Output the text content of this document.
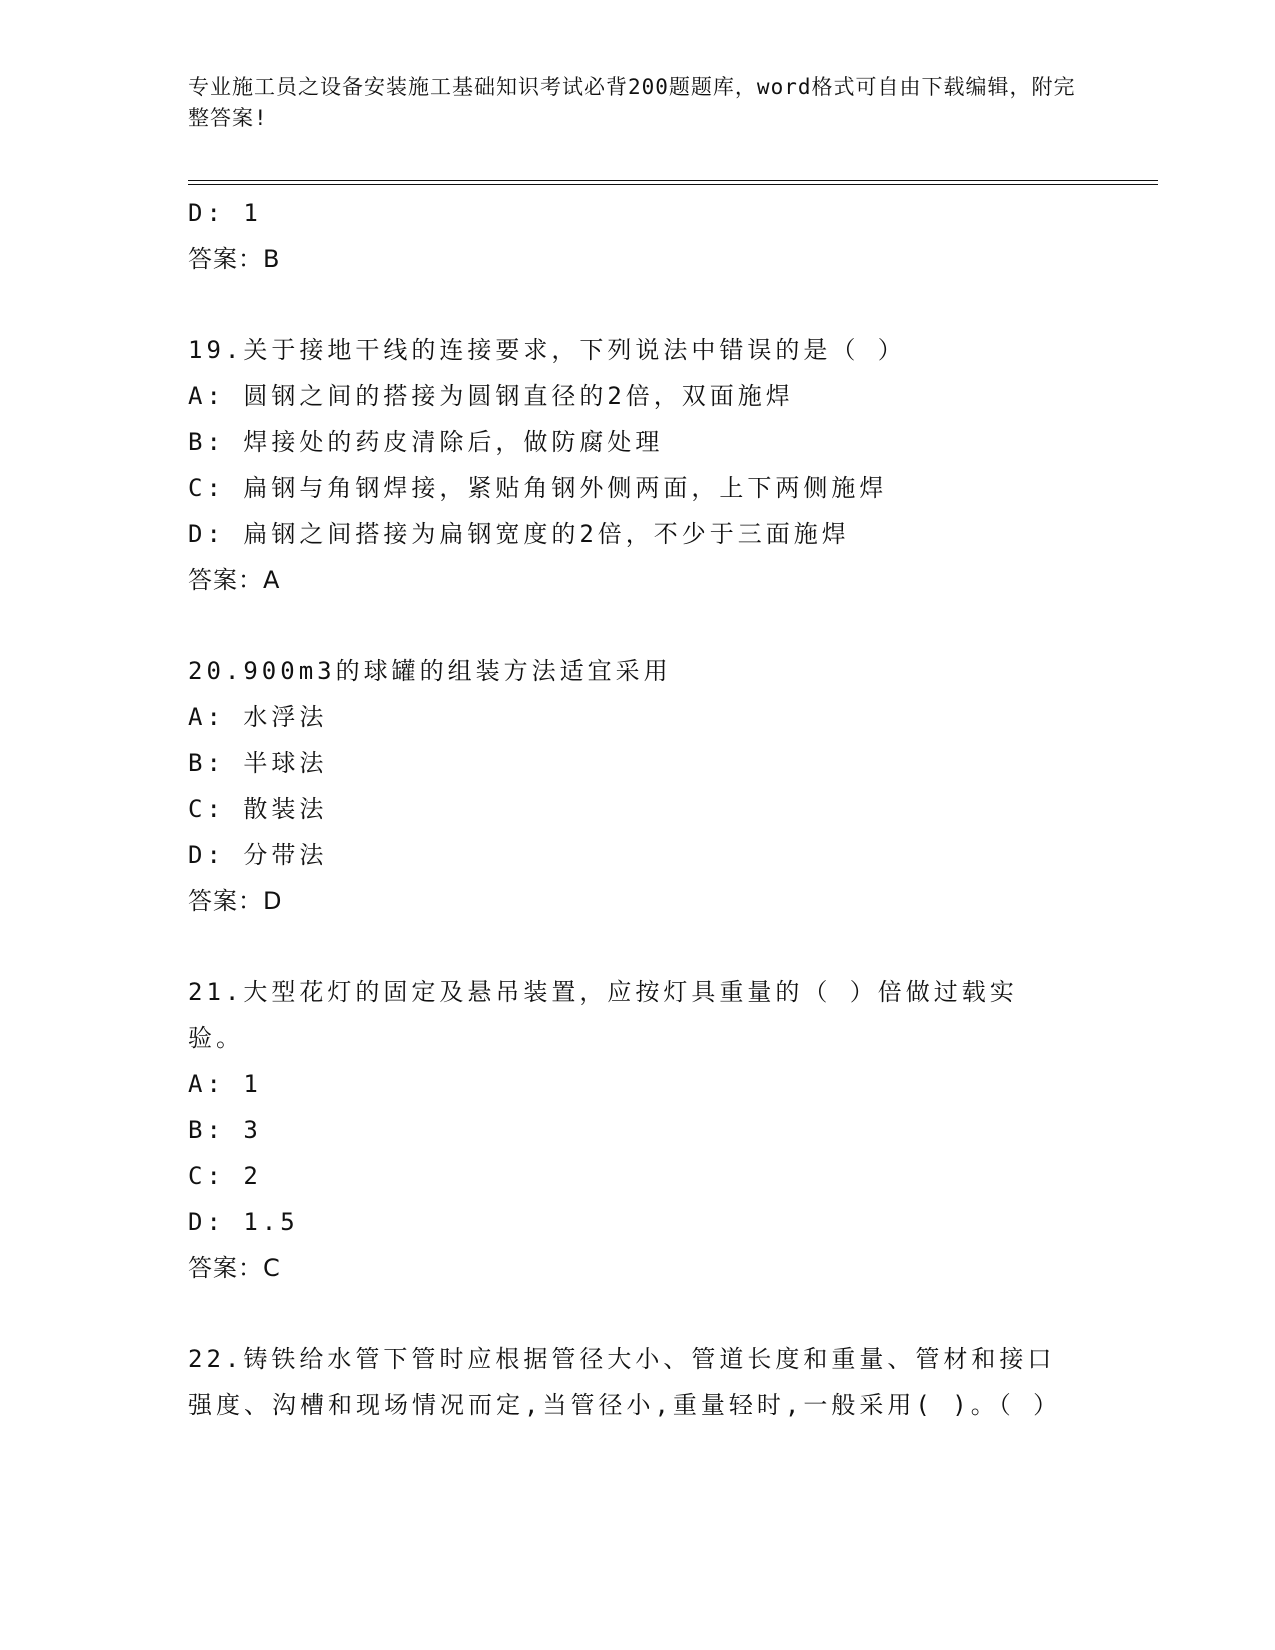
专业施工员之设备安装施工基础知识考试必背200题题库，word格式可自由下载编辑，附完整答案!
D: 1
答案：B
19.关于接地干线的连接要求，下列说法中错误的是（ ）
A: 圆钢之间的搭接为圆钢直径的2倍，双面施焊
B: 焊接处的药皮清除后，做防腐处理
C: 扁钢与角钢焊接，紧贴角钢外侧两面，上下两侧施焊
D: 扁钢之间搭接为扁钢宽度的2倍，不少于三面施焊
答案：A
20.900m3的球罐的组装方法适宜采用
A: 水浮法
B: 半球法
C: 散装法
D: 分带法
答案：D
21.大型花灯的固定及悬吊装置，应按灯具重量的（ ）倍做过载实验。
A: 1
B: 3
C: 2
D: 1.5
答案：C
22.铸铁给水管下管时应根据管径大小、管道长度和重量、管材和接口强度、沟槽和现场情况而定,当管径小,重量轻时,一般采用( )。（ ）
